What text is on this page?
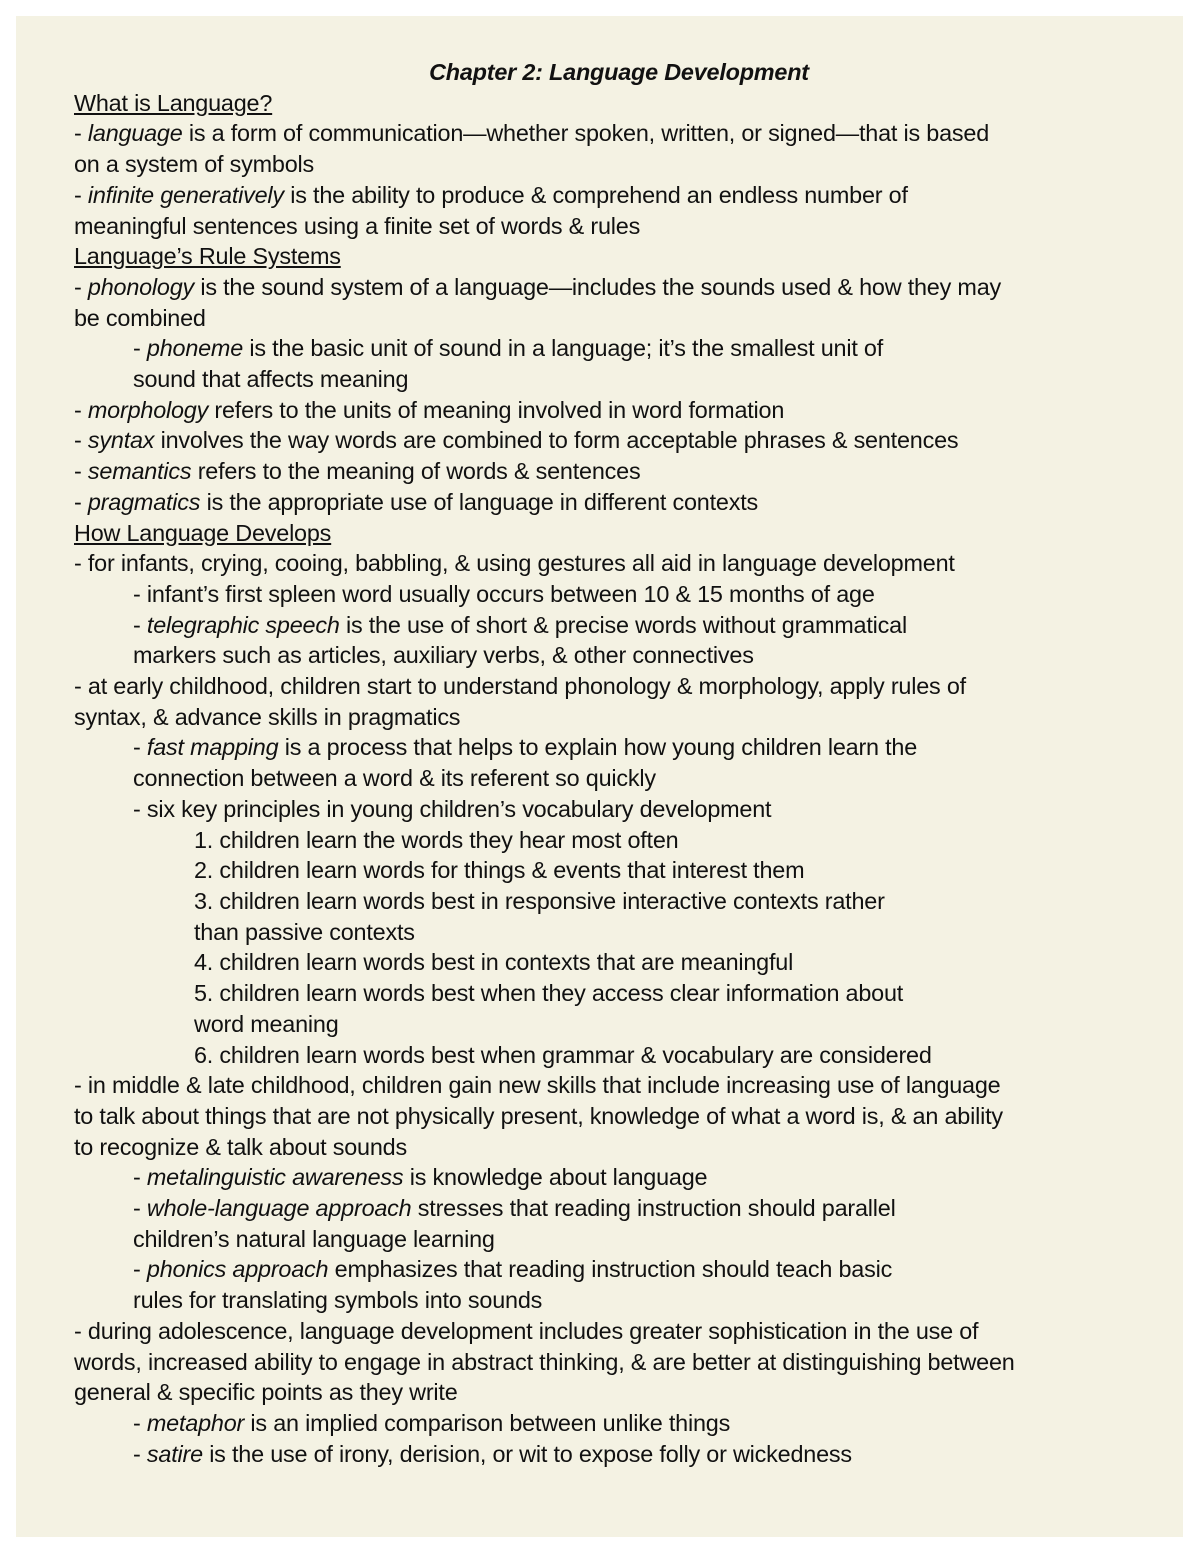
Chapter 2: Language Development

What is Language?

- language is a form of communication—whether spoken, written, or signed—that is based

on a system of symbols

- infinite generatively is the ability to produce & comprehend an endless number of

meaningful sentences using a finite set of words & rules

Language’s Rule Systems

- phonology is the sound system of a language—includes the sounds used & how they may

be combined

- phoneme is the basic unit of sound in a language; it’s the smallest unit of

sound that affects meaning

- morphology refers to the units of meaning involved in word formation

- syntax involves the way words are combined to form acceptable phrases & sentences

- semantics refers to the meaning of words & sentences

- pragmatics is the appropriate use of language in different contexts

How Language Develops

- for infants, crying, cooing, babbling, & using gestures all aid in language development

- infant’s first spleen word usually occurs between 10 & 15 months of age

- telegraphic speech is the use of short & precise words without grammatical

markers such as articles, auxiliary verbs, & other connectives

- at early childhood, children start to understand phonology & morphology, apply rules of

syntax, & advance skills in pragmatics

- fast mapping is a process that helps to explain how young children learn the

connection between a word & its referent so quickly

- six key principles in young children’s vocabulary development

1. children learn the words they hear most often

2. children learn words for things & events that interest them

3. children learn words best in responsive interactive contexts rather

than passive contexts

4. children learn words best in contexts that are meaningful

5. children learn words best when they access clear information about

word meaning

6. children learn words best when grammar & vocabulary are considered

- in middle & late childhood, children gain new skills that include increasing use of language

to talk about things that are not physically present, knowledge of what a word is, & an ability

to recognize & talk about sounds

- metalinguistic awareness is knowledge about language

- whole-language approach stresses that reading instruction should parallel

children’s natural language learning

- phonics approach emphasizes that reading instruction should teach basic

rules for translating symbols into sounds

- during adolescence, language development includes greater sophistication in the use of

words, increased ability to engage in abstract thinking, & are better at distinguishing between

general & specific points as they write

- metaphor is an implied comparison between unlike things

- satire is the use of irony, derision, or wit to expose folly or wickedness
